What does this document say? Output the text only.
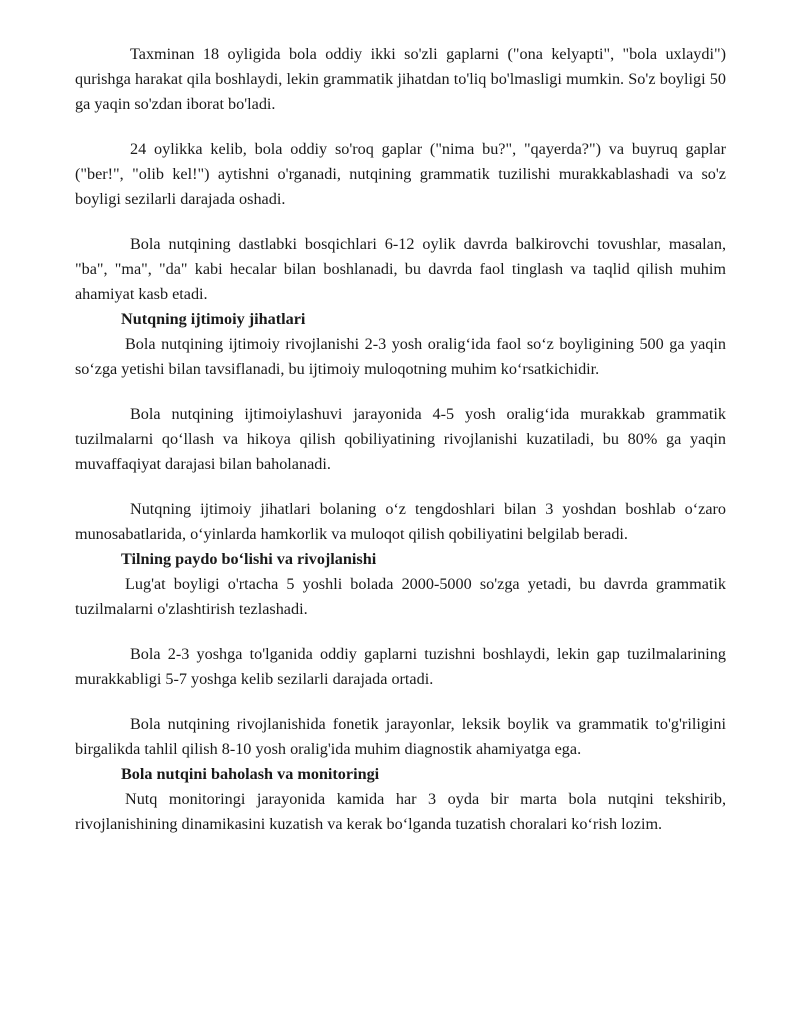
Taxminan 18 oyligida bola oddiy ikki so'zli gaplarni ("ona kelyapti", "bola uxlaydi") qurishga harakat qila boshlaydi, lekin grammatik jihatdan to'liq bo'lmasligi mumkin. So'z boyligi 50 ga yaqin so'zdan iborat bo'ladi.

24 oylikka kelib, bola oddiy so'roq gaplar ("nima bu?", "qayerda?") va buyruq gaplar ("ber!", "olib kel!") aytishni o'rganadi, nutqining grammatik tuzilishi murakkablashadi va so'z boyligi sezilarli darajada oshadi.

Bola nutqining dastlabki bosqichlari 6-12 oylik davrda balkirovchi tovushlar, masalan, "ba", "ma", "da" kabi hecalar bilan boshlanadi, bu davrda faol tinglash va taqlid qilish muhim ahamiyat kasb etadi.

Nutqning ijtimoiy jihatlari

Bola nutqining ijtimoiy rivojlanishi 2-3 yosh oralig‘ida faol so‘z boyligining 500 ga yaqin so‘zga yetishi bilan tavsiflanadi, bu ijtimoiy muloqotning muhim ko‘rsatkichidir.

Bola nutqining ijtimoiylashuvi jarayonida 4-5 yosh oralig‘ida murakkab grammatik tuzilmalarni qo‘llash va hikoya qilish qobiliyatining rivojlanishi kuzatiladi, bu 80% ga yaqin muvaffaqiyat darajasi bilan baholanadi.

Nutqning ijtimoiy jihatlari bolaning o‘z tengdoshlari bilan 3 yoshdan boshlab o‘zaro munosabatlarida, o‘yinlarda hamkorlik va muloqot qilish qobiliyatini belgilab beradi.

Tilning paydo bo‘lishi va rivojlanishi

Lug'at boyligi o'rtacha 5 yoshli bolada 2000-5000 so'zga yetadi, bu davrda grammatik tuzilmalarni o'zlashtirish tezlashadi.

Bola 2-3 yoshga to'lganida oddiy gaplarni tuzishni boshlaydi, lekin gap tuzilmalarining murakkabligi 5-7 yoshga kelib sezilarli darajada ortadi.

Bola nutqining rivojlanishida fonetik jarayonlar, leksik boylik va grammatik to'g'riligini birgalikda tahlil qilish 8-10 yosh oralig'ida muhim diagnostik ahamiyatga ega.

Bola nutqini baholash va monitoringi

Nutq monitoringi jarayonida kamida har 3 oyda bir marta bola nutqini tekshirib, rivojlanishining dinamikasini kuzatish va kerak bo‘lganda tuzatish choralari ko‘rish lozim.
